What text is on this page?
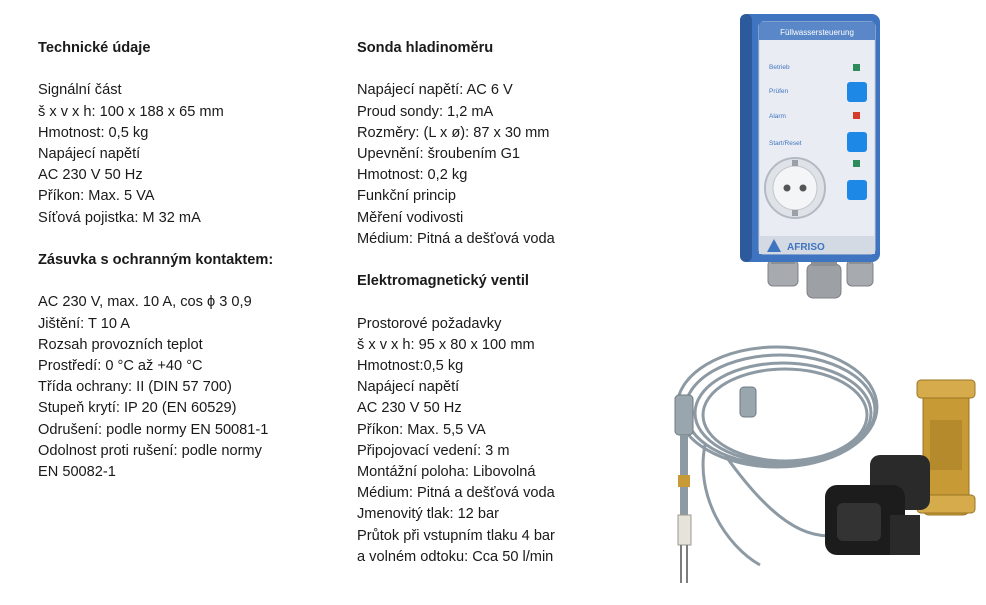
Technické údaje

Signální část
š x v x h: 100 x 188 x 65 mm
Hmotnost: 0,5 kg
Napájecí napětí
AC 230 V 50 Hz
Příkon: Max. 5 VA
Síťová pojistka: M 32 mA

Zásuvka s ochranným kontaktem:

AC 230 V, max. 10 A, cos ϕ 3 0,9
Jištění: T 10 A
Rozsah provozních teplot
Prostředí: 0 °C až +40 °C
Třída ochrany: II (DIN 57 700)
Stupeň krytí: IP 20 (EN 60529)
Odrušení: podle normy EN 50081-1
Odolnost proti rušení: podle normy
EN 50082-1

Sonda hladinoměru

Napájecí napětí: AC 6 V
Proud sondy: 1,2 mA
Rozměry: (L x ø): 87 x 30 mm
Upevnění: šroubením G1
Hmotnost: 0,2 kg
Funkční princip
Měření vodivosti
Médium: Pitná a dešťová voda

Elektromagnetický ventil

Prostorové požadavky
š x v x h: 95 x 80 x 100 mm
Hmotnost:0,5 kg
Napájecí napětí
AC 230 V 50 Hz
Příkon: Max. 5,5 VA
Připojovací vedení: 3 m
Montážní poloha: Libovolná
Médium: Pitná a dešťová voda
Jmenovitý tlak: 12 bar
Průtok při vstupním tlaku 4 bar
a volném odtoku: Cca 50 l/min
Füllwassersteuerung
Betrieb
Prüfen
Alarm
Start/Reset
AFRISO
